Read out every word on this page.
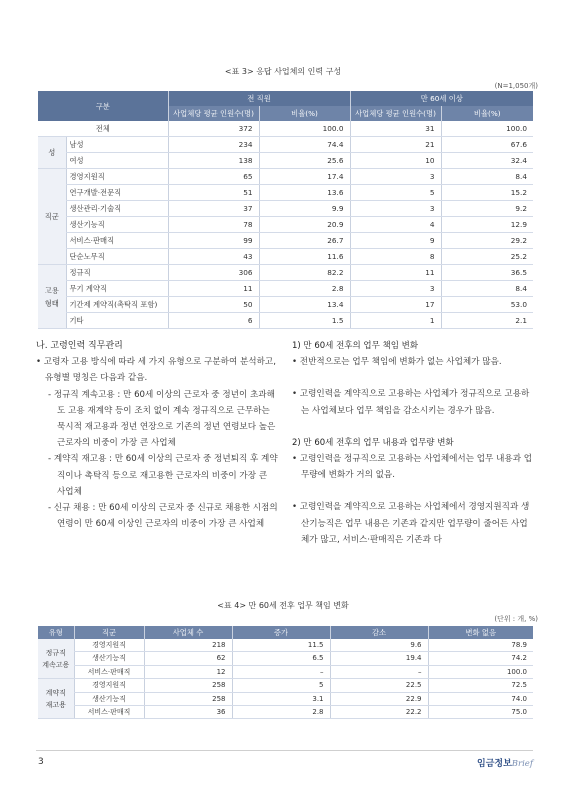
<표 3> 응답 사업체의 인력 구성
(N=1,050개)
구분		전 직원		만 60세 이상	
		사업체당 평균 인원수(명)	비율(%)	사업체당 평균 인원수(명)	비율(%)
전체		372	100.0	31	100.0
성	남성	234	74.4	21	67.6
	여성	138	25.6	10	32.4
직군	경영지원직	65	17.4	3	8.4
	연구개발·전문직	51	13.6	5	15.2
	생산관리·기술직	37	9.9	3	9.2
	생산기능직	78	20.9	4	12.9
	서비스·판매직	99	26.7	9	29.2
	단순노무직	43	11.6	8	25.2
고용
형태	정규직	306	82.2	11	36.5
	무기 계약직	11	2.8	3	8.4
	기간제 계약직(촉탁직 포함)	50	13.4	17	53.0
	기타	6	1.5	1	2.1
나. 고령인력 직무관리
• 고령자 고용 방식에 따라 세 가지 유형으로 구분하여 분석하고, 유형별 명칭은 다음과 같음.
- 정규직 계속고용 : 만 60세 이상의 근로자 중 정년이 초과해도 고용 재계약 등이 조치 없이 계속 정규직으로 근무하는 묵시적 재고용과 정년 연장으로 기존의 정년 연령보다 높은 근로자의 비중이 가장 큰 사업체
- 계약직 재고용 : 만 60세 이상의 근로자 중 정년퇴직 후 계약직이나 촉탁직 등으로 재고용한 근로자의 비중이 가장 큰 사업체
- 신규 채용 : 만 60세 이상의 근로자 중 신규로 채용한 시점의 연령이 만 60세 이상인 근로자의 비중이 가장 큰 사업체
1) 만 60세 전후의 업무 책임 변화
• 전반적으로는 업무 책임에 변화가 없는 사업체가 많음.
• 고령인력을 계약직으로 고용하는 사업체가 정규직으로 고용하는 사업체보다 업무 책임을 감소시키는 경우가 많음.
2) 만 60세 전후의 업무 내용과 업무량 변화
• 고령인력을 정규직으로 고용하는 사업체에서는 업무 내용과 업무량에 변화가 거의 없음.
• 고령인력을 계약직으로 고용하는 사업체에서 경영지원직과 생산기능직은 업무 내용은 기존과 같지만 업무량이 줄어든 사업체가 많고, 서비스·판매직은 기존과 다
<표 4> 만 60세 전후 업무 책임 변화
(단위 : 개, %)
유형	직군	사업체 수	증가	감소	변화 없음
정규직
계속고용	경영지원직	218	11.5	9.6	78.9
	생산기능직	62	6.5	19.4	74.2
	서비스·판매직	12	–	–	100.0
계약직
재고용	경영지원직	258	5	22.5	72.5
	생산기능직	258	3.1	22.9	74.0
	서비스·판매직	36	2.8	22.2	75.0
3	임금정보Brief
